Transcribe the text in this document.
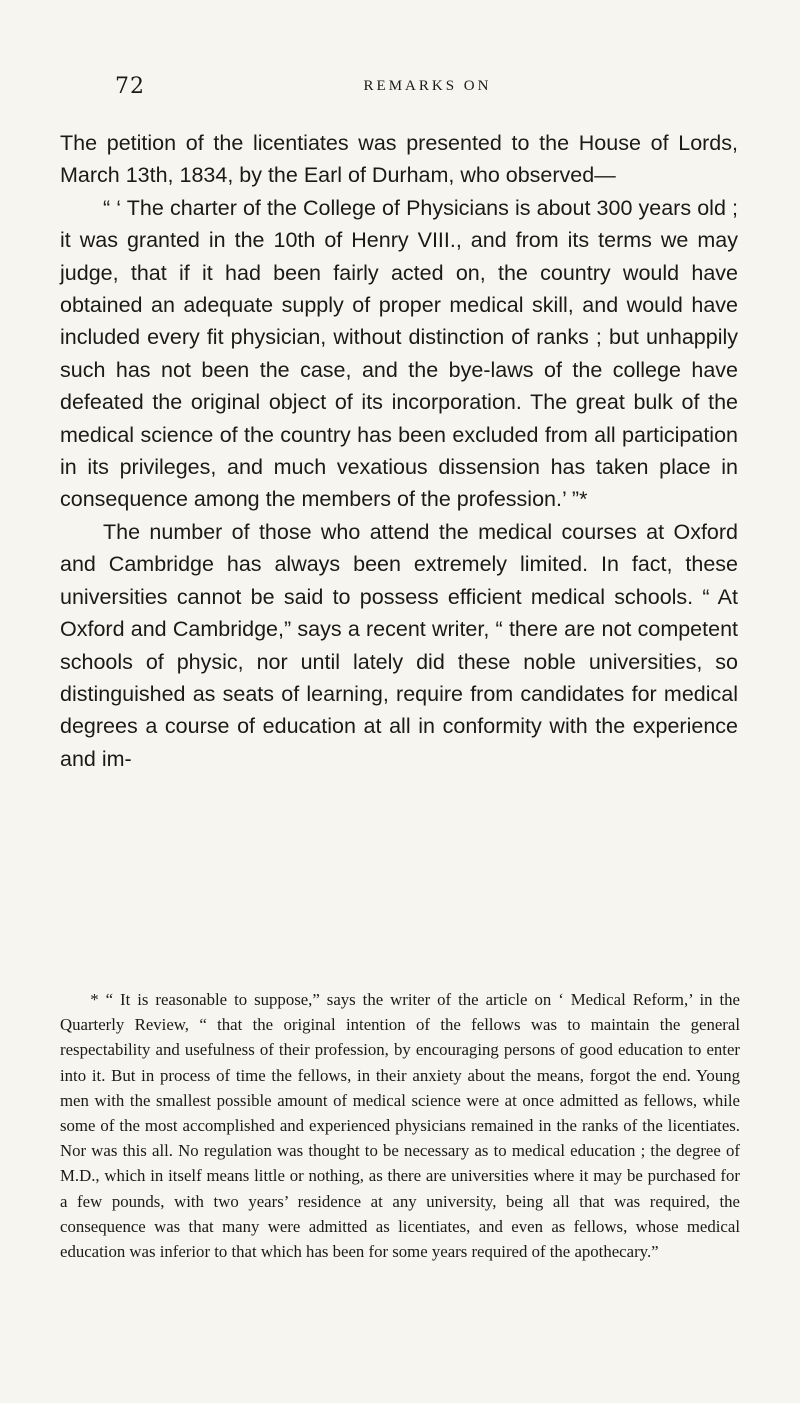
72	REMARKS ON

The petition of the licentiates was presented to the House of Lords, March 13th, 1834, by the Earl of Durham, who observed—

“ ‘ The charter of the College of Physicians is about 300 years old ; it was granted in the 10th of Henry VIII., and from its terms we may judge, that if it had been fairly acted on, the country would have obtained an adequate supply of proper medical skill, and would have included every fit physician, without distinction of ranks ; but unhappily such has not been the case, and the bye-laws of the college have defeated the original object of its incorporation. The great bulk of the medical science of the country has been excluded from all participation in its privileges, and much vexatious dissension has taken place in consequence among the members of the profession.’ ”*

The number of those who attend the medical courses at Oxford and Cambridge has always been extremely limited. In fact, these universities cannot be said to possess efficient medical schools. “ At Oxford and Cambridge,” says a recent writer, “ there are not competent schools of physic, nor until lately did these noble universities, so distinguished as seats of learning, require from candidates for medical degrees a course of education at all in conformity with the experience and im-

* “ It is reasonable to suppose,” says the writer of the article on ‘ Medical Reform,’ in the Quarterly Review, “ that the original intention of the fellows was to maintain the general respectability and usefulness of their profession, by encouraging persons of good education to enter into it. But in process of time the fellows, in their anxiety about the means, forgot the end. Young men with the smallest possible amount of medical science were at once admitted as fellows, while some of the most accomplished and experienced physicians remained in the ranks of the licentiates. Nor was this all. No regulation was thought to be necessary as to medical education ; the degree of M.D., which in itself means little or nothing, as there are universities where it may be purchased for a few pounds, with two years’ residence at any university, being all that was required, the consequence was that many were admitted as licentiates, and even as fellows, whose medical education was inferior to that which has been for some years required of the apothecary.”
